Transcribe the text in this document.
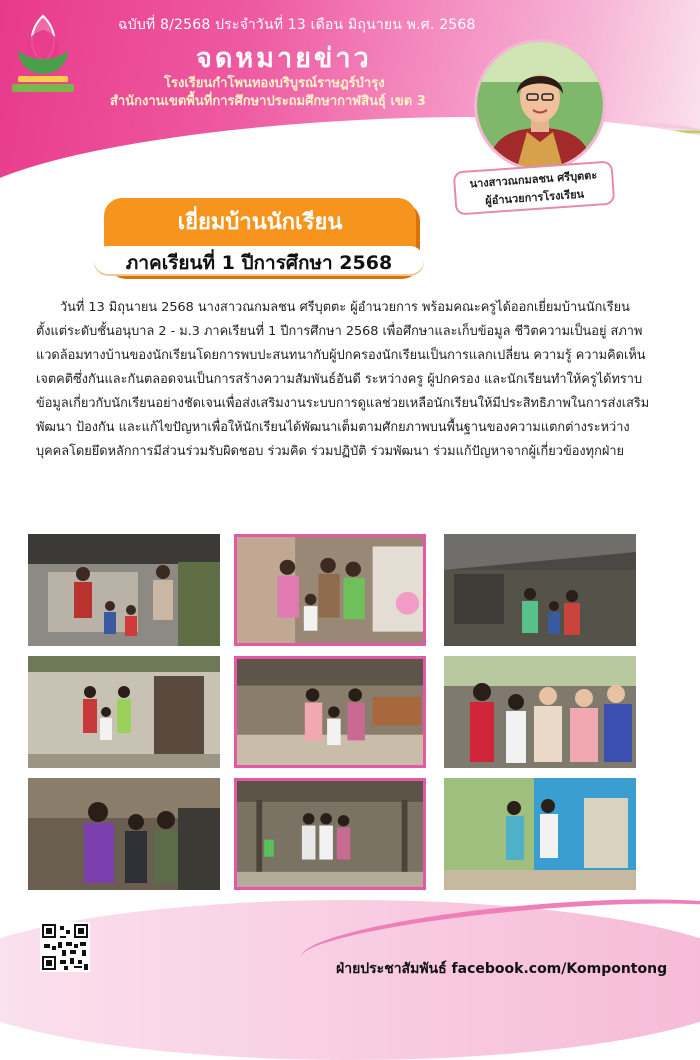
ฉบับที่ 8/2568 ประจำวันที่ 13 เดือน มิถุนายน พ.ศ. 2568
จดหมายข่าว
โรงเรียนกำโพนทองบริบูรณ์ราษฎร์บำรุง
สำนักงานเขตพื้นที่การศึกษาประถมศึกษากาฬสินธุ์ เขต 3
นางสาวณกมลชน ศรีบุตตะ
ผู้อำนวยการโรงเรียน
เยี่ยมบ้านนักเรียน
ภาคเรียนที่ 1 ปีการศึกษา 2568
วันที่ 13 มิถุนายน 2568 นางสาวณกมลชน ศรีบุตตะ ผู้อำนวยการ พร้อมคณะครูได้ออกเยี่ยมบ้านนักเรียน ตั้งแต่ระดับชั้นอนุบาล 2 - ม.3 ภาคเรียนที่ 1 ปีการศึกษา 2568 เพื่อศึกษาและเก็บข้อมูล ชีวิตความเป็นอยู่ สภาพแวดล้อมทางบ้านของนักเรียนโดยการพบปะสนทนากับผู้ปกครองนักเรียนเป็นการแลกเปลี่ยน ความรู้ ความคิดเห็น เจตคติซึ่งกันและกันตลอดจนเป็นการสร้างความสัมพันธ์อันดี ระหว่างครู ผู้ปกครอง และนักเรียนทำให้ครูได้ทราบข้อมูลเกี่ยวกับนักเรียนอย่างชัดเจนเพื่อส่งเสริมงานระบบการดูแลช่วยเหลือนักเรียนให้มีประสิทธิภาพในการส่งเสริมพัฒนา ป้องกัน และแก้ไขปัญหาเพื่อให้นักเรียนได้พัฒนาเต็มตามศักยภาพบนพื้นฐานของความแตกต่างระหว่างบุคคลโดยยึดหลักการมีส่วนร่วมรับผิดชอบ ร่วมคิด ร่วมปฏิบัติ ร่วมพัฒนา ร่วมแก้ปัญหาจากผู้เกี่ยวข้องทุกฝ่าย
ฝ่ายประชาสัมพันธ์ facebook.com/Kompontong
